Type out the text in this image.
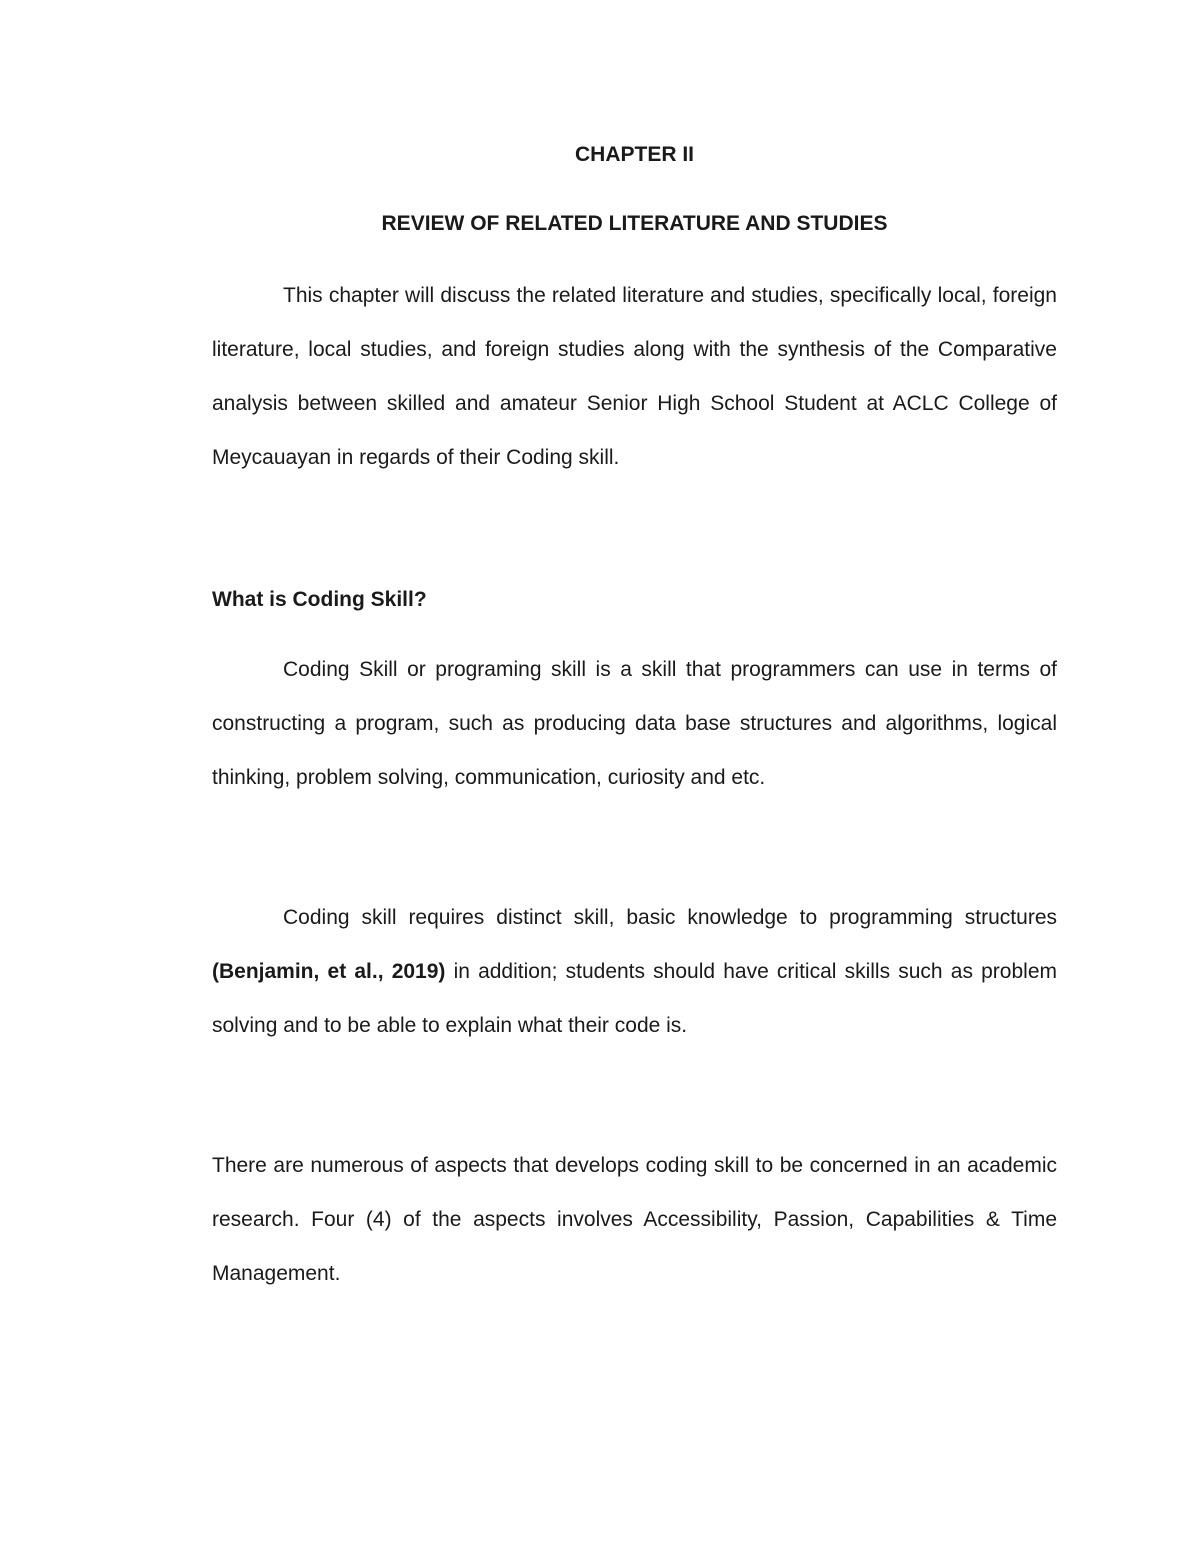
CHAPTER II

REVIEW OF RELATED LITERATURE AND STUDIES

This chapter will discuss the related literature and studies, specifically local, foreign literature, local studies, and foreign studies along with the synthesis of the Comparative analysis between skilled and amateur Senior High School Student at ACLC College of Meycauayan in regards of their Coding skill.

What is Coding Skill?

Coding Skill or programing skill is a skill that programmers can use in terms of constructing a program, such as producing data base structures and algorithms, logical thinking, problem solving, communication, curiosity and etc.

Coding skill requires distinct skill, basic knowledge to programming structures (Benjamin, et al., 2019) in addition; students should have critical skills such as problem solving and to be able to explain what their code is.

There are numerous of aspects that develops coding skill to be concerned in an academic research. Four (4) of the aspects involves Accessibility, Passion, Capabilities & Time Management.
